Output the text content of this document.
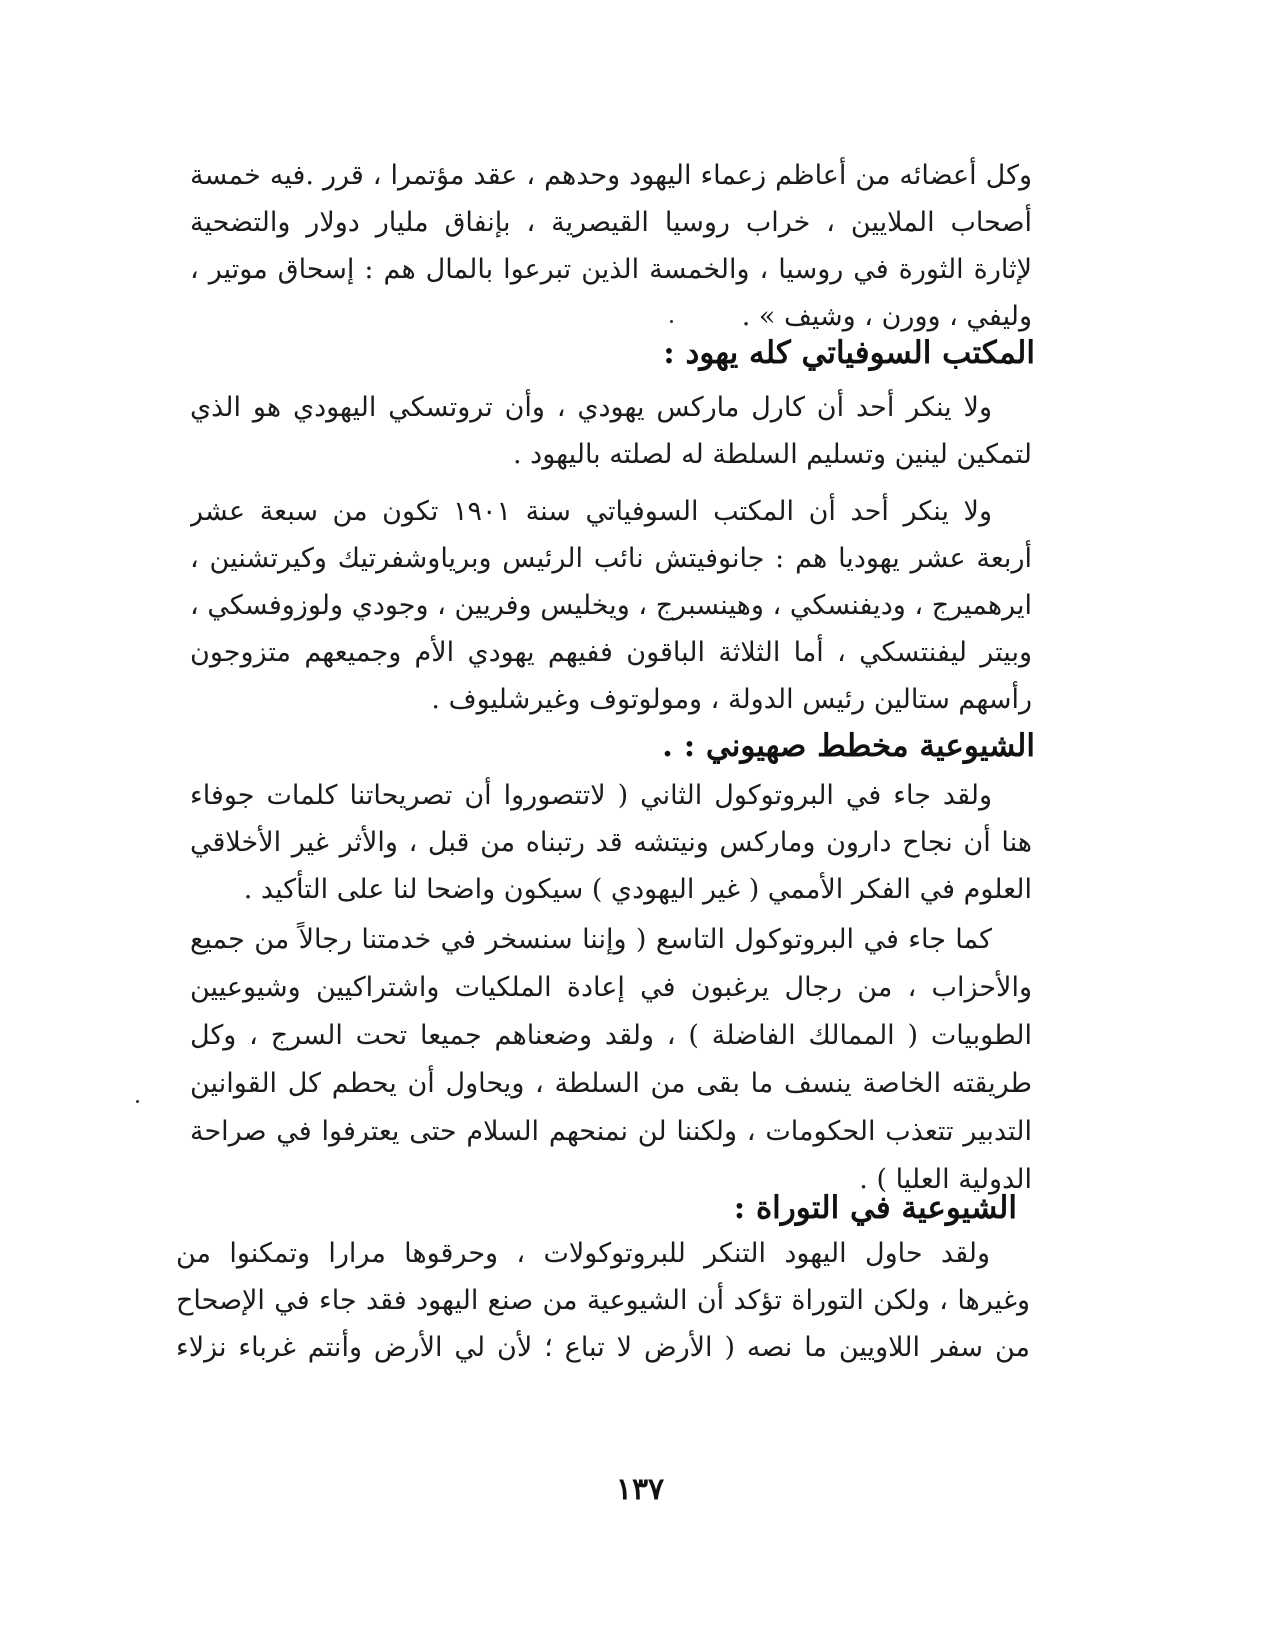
وكل أعضائه من أعاظم زعماء اليهود وحدهم ، عقد مؤتمرا ، قرر .فيه خمسة
أصحاب الملايين ، خراب روسيا القيصرية ، بإنفاق مليار دولار والتضحية
لإثارة الثورة في روسيا ، والخمسة الذين تبرعوا بالمال هم : إسحاق موتير ،
وليفي ، وورن ، وشيف » .
المكتب السوفياتي كله يهود :
ولا ينكر أحد أن كارل ماركس يهودي ، وأن تروتسكي اليهودي هو الذي
لتمكين لينين وتسليم السلطة له لصلته باليهود .
ولا ينكر أحد أن المكتب السوفياتي سنة ١٩٠١ تكون من سبعة عشر
أربعة عشر يهوديا هم : جانوفيتش نائب الرئيس وبرياوشفرتيك وكيرتشنين ،
ايرهميرج ، وديفنسكي ، وهينسبرج ، ويخليس وفريين ، وجودي ولوزوفسكي ،
وبيتر ليفنتسكي ، أما الثلاثة الباقون ففيهم يهودي الأم وجميعهم متزوجون
رأسهم ستالين رئيس الدولة ، ومولوتوف وغيرشليوف .
الشيوعية مخطط صهيوني : .
ولقد جاء في البروتوكول الثاني ( لاتتصوروا أن تصريحاتنا كلمات جوفاء
هنا أن نجاح دارون وماركس ونيتشه قد رتبناه من قبل ، والأثر غير الأخلاقي
العلوم في الفكر الأممي ( غير اليهودي ) سيكون واضحا لنا على التأكيد .
كما جاء في البروتوكول التاسع ( وإننا سنسخر في خدمتنا رجالاً من جميع
والأحزاب ، من رجال يرغبون في إعادة الملكيات واشتراكيين وشيوعيين
الطوبيات ( الممالك الفاضلة ) ، ولقد وضعناهم جميعا تحت السرج ، وكل
طريقته الخاصة ينسف ما بقى من السلطة ، ويحاول أن يحطم كل القوانين
التدبير تتعذب الحكومات ، ولكننا لن نمنحهم السلام حتى يعترفوا في صراحة
الدولية العليا ) .
الشيوعية في التوراة :
ولقد حاول اليهود التنكر للبروتوكولات ، وحرقوها مرارا وتمكنوا من
وغيرها ، ولكن التوراة تؤكد أن الشيوعية من صنع اليهود فقد جاء في الإصحاح
من سفر اللاويين ما نصه ( الأرض لا تباع ؛ لأن لي الأرض وأنتم غرباء نزلاء
١٣٧
